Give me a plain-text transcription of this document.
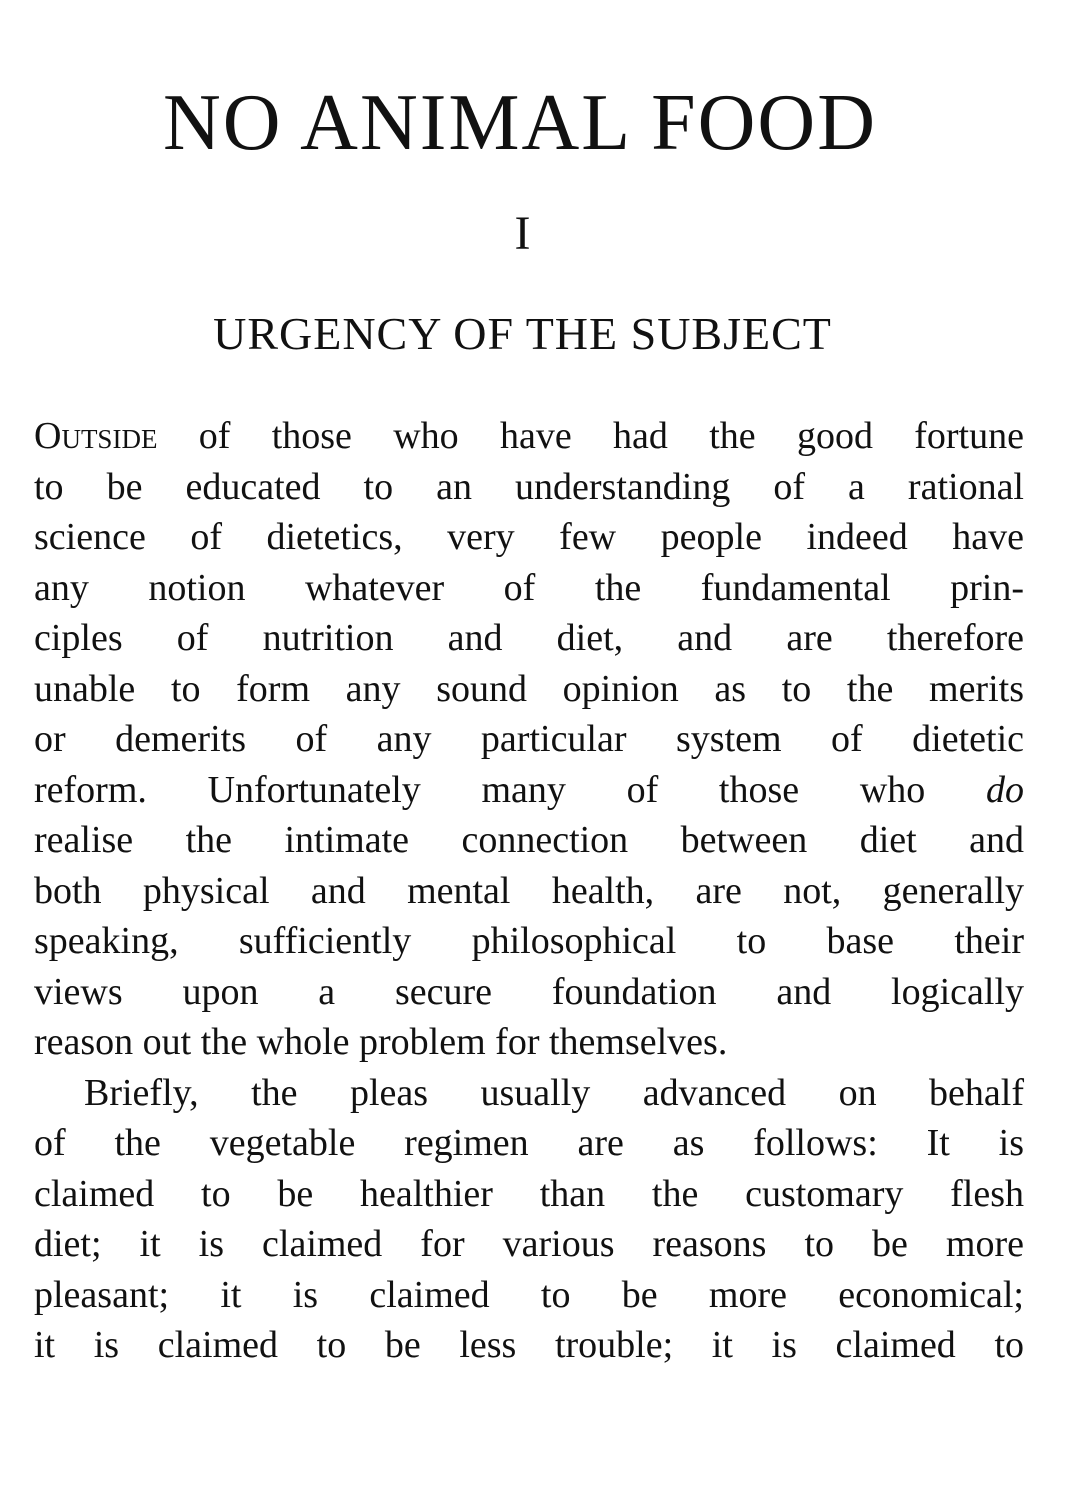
NO ANIMAL FOOD
I
URGENCY OF THE SUBJECT
Outside of those who have had the good fortune
to be educated to an understanding of a rational
science of dietetics, very few people indeed have
any notion whatever of the fundamental prin-
ciples of nutrition and diet, and are therefore
unable to form any sound opinion as to the merits
or demerits of any particular system of dietetic
reform. Unfortunately many of those who do
realise the intimate connection between diet and
both physical and mental health, are not, generally
speaking, sufficiently philosophical to base their
views upon a secure foundation and logically
reason out the whole problem for themselves.
Briefly, the pleas usually advanced on behalf
of the vegetable regimen are as follows: It is
claimed to be healthier than the customary flesh
diet; it is claimed for various reasons to be more
pleasant; it is claimed to be more economical;
it is claimed to be less trouble; it is claimed to
